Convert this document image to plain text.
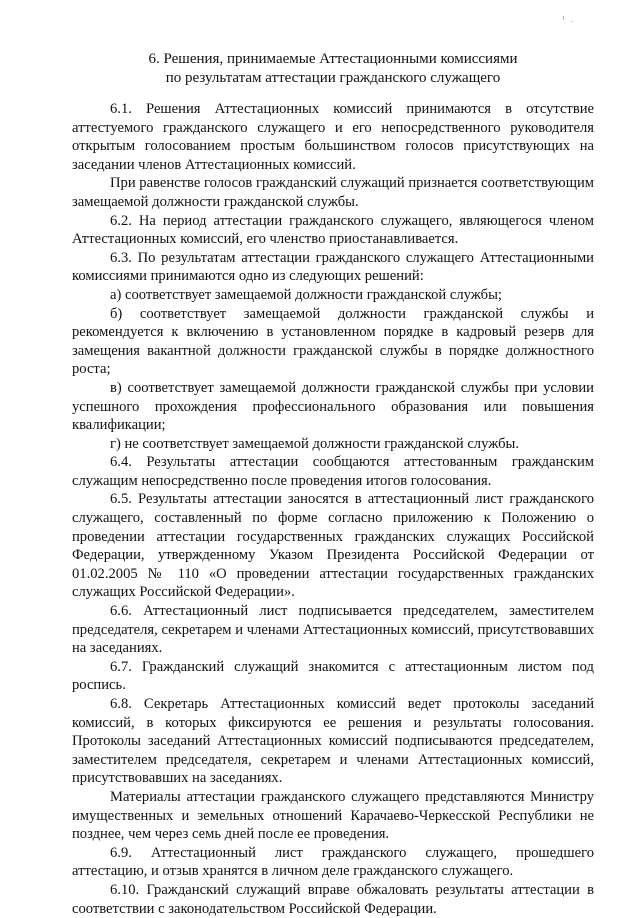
¹ .
6. Решения, принимаемые Аттестационными комиссиями
по результатам аттестации гражданского служащего

6.1. Решения Аттестационных комиссий принимаются в отсутствие аттестуемого гражданского служащего и его непосредственного руководителя открытым голосованием простым большинством голосов присутствующих на заседании членов Аттестационных комиссий.

При равенстве голосов гражданский служащий признается соответствующим замещаемой должности гражданской службы.

6.2. На период аттестации гражданского служащего, являющегося членом Аттестационных комиссий, его членство приостанавливается.

6.3. По результатам аттестации гражданского служащего Аттестационными комиссиями принимаются одно из следующих решений:

а) соответствует замещаемой должности гражданской службы;

б) соответствует замещаемой должности гражданской службы и рекомендуется к включению в установленном порядке в кадровый резерв для замещения вакантной должности гражданской службы в порядке должностного роста;

в) соответствует замещаемой должности гражданской службы при условии успешного прохождения профессионального образования или повышения квалификации;

г) не соответствует замещаемой должности гражданской службы.

6.4. Результаты аттестации сообщаются аттестованным гражданским служащим непосредственно после проведения итогов голосования.

6.5. Результаты аттестации заносятся в аттестационный лист гражданского служащего, составленный по форме согласно приложению к Положению о проведении аттестации государственных гражданских служащих Российской Федерации, утвержденному Указом Президента Российской Федерации от 01.02.2005 № 110 «О проведении аттестации государственных гражданских служащих Российской Федерации».

6.6. Аттестационный лист подписывается председателем, заместителем председателя, секретарем и членами Аттестационных комиссий, присутствовавших на заседаниях.

6.7. Гражданский служащий знакомится с аттестационным листом под роспись.

6.8. Секретарь Аттестационных комиссий ведет протоколы заседаний комиссий, в которых фиксируются ее решения и результаты голосования. Протоколы заседаний Аттестационных комиссий подписываются председателем, заместителем председателя, секретарем и членами Аттестационных комиссий, присутствовавших на заседаниях.

Материалы аттестации гражданского служащего представляются Министру имущественных и земельных отношений Карачаево-Черкесской Республики не позднее, чем через семь дней после ее проведения.

6.9. Аттестационный лист гражданского служащего, прошедшего аттестацию, и отзыв хранятся в личном деле гражданского служащего.

6.10. Гражданский служащий вправе обжаловать результаты аттестации в соответствии с законодательством Российской Федерации.
